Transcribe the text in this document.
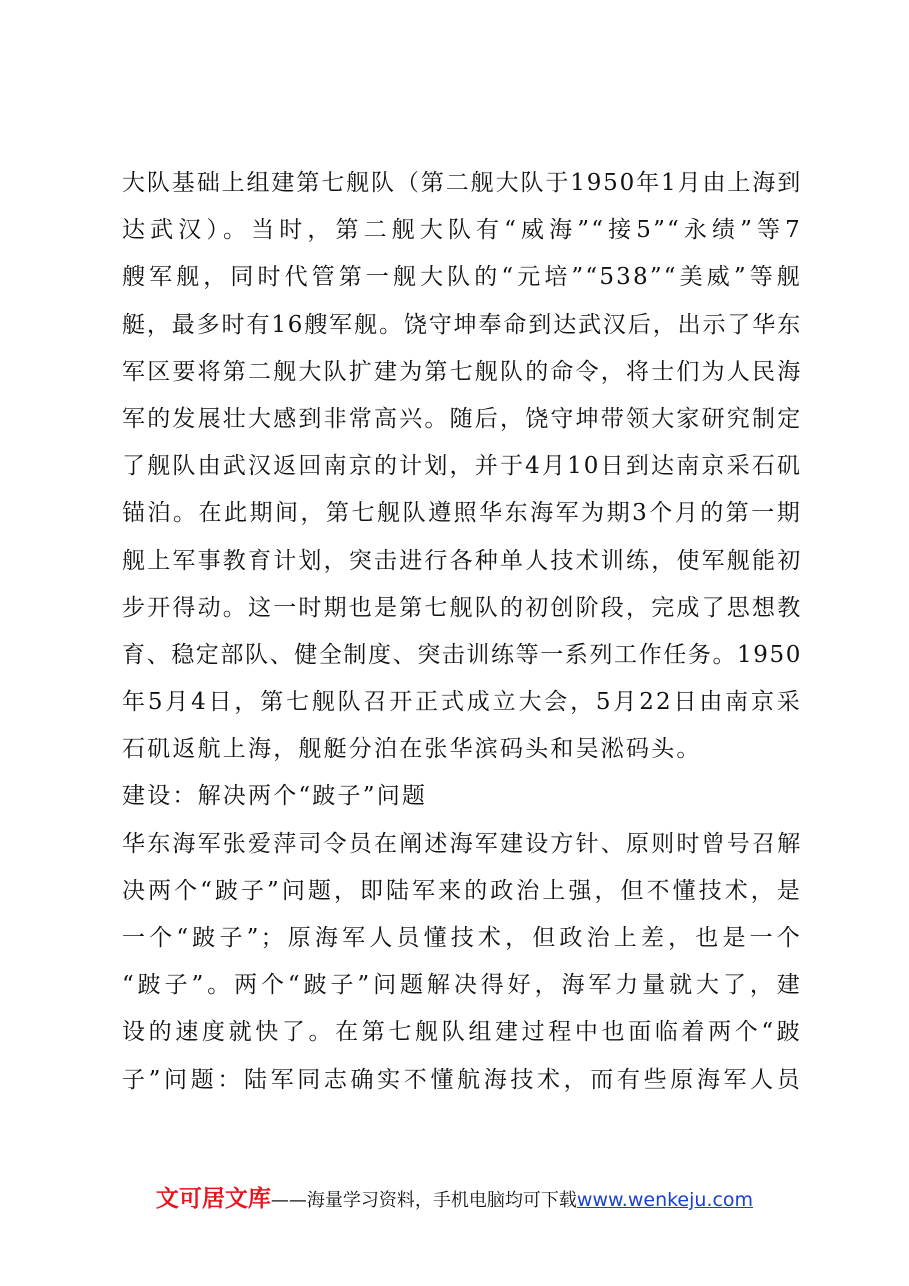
大队基础上组建第七舰队（第二舰大队于1950年1月由上海到
达武汉）。当时，第二舰大队有“威海”“接5”“永绩”等7
艘军舰，同时代管第一舰大队的“元培”“538”“美威”等舰
艇，最多时有16艘军舰。饶守坤奉命到达武汉后，出示了华东
军区要将第二舰大队扩建为第七舰队的命令，将士们为人民海
军的发展壮大感到非常高兴。随后，饶守坤带领大家研究制定
了舰队由武汉返回南京的计划，并于4月10日到达南京采石矶
锚泊。在此期间，第七舰队遵照华东海军为期3个月的第一期
舰上军事教育计划，突击进行各种单人技术训练，使军舰能初
步开得动。这一时期也是第七舰队的初创阶段，完成了思想教
育、稳定部队、健全制度、突击训练等一系列工作任务。1950
年5月4日，第七舰队召开正式成立大会，5月22日由南京采
石矶返航上海，舰艇分泊在张华滨码头和吴淞码头。
建设：解决两个“跛子”问题
华东海军张爱萍司令员在阐述海军建设方针、原则时曾号召解
决两个“跛子”问题，即陆军来的政治上强，但不懂技术，是
一个“跛子”；原海军人员懂技术，但政治上差，也是一个
“跛子”。两个“跛子”问题解决得好，海军力量就大了，建
设的速度就快了。在第七舰队组建过程中也面临着两个“跛
子”问题：陆军同志确实不懂航海技术，而有些原海军人员
文可居文库——海量学习资料，手机电脑均可下载www.wenkeju.com
